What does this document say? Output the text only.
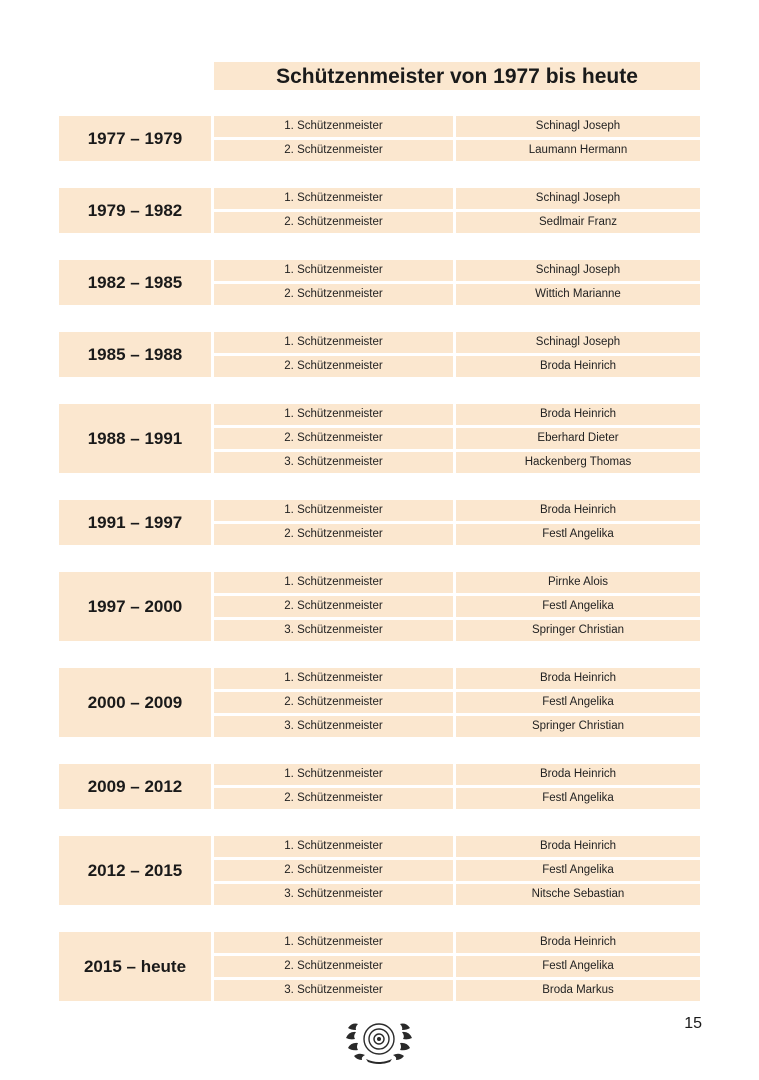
Schützenmeister von 1977 bis heute
1977 – 1979
1. Schützenmeister	Schinagl Joseph
2. Schützenmeister	Laumann Hermann
1979 – 1982
1. Schützenmeister	Schinagl Joseph
2. Schützenmeister	Sedlmair Franz
1982 – 1985
1. Schützenmeister	Schinagl Joseph
2. Schützenmeister	Wittich Marianne
1985 – 1988
1. Schützenmeister	Schinagl Joseph
2. Schützenmeister	Broda Heinrich
1988 – 1991
1. Schützenmeister	Broda Heinrich
2. Schützenmeister	Eberhard Dieter
3. Schützenmeister	Hackenberg Thomas
1991 – 1997
1. Schützenmeister	Broda Heinrich
2. Schützenmeister	Festl Angelika
1997 – 2000
1. Schützenmeister	Pirnke Alois
2. Schützenmeister	Festl Angelika
3. Schützenmeister	Springer Christian
2000 – 2009
1. Schützenmeister	Broda Heinrich
2. Schützenmeister	Festl Angelika
3. Schützenmeister	Springer Christian
2009 – 2012
1. Schützenmeister	Broda Heinrich
2. Schützenmeister	Festl Angelika
2012 – 2015
1. Schützenmeister	Broda Heinrich
2. Schützenmeister	Festl Angelika
3. Schützenmeister	Nitsche Sebastian
2015 – heute
1. Schützenmeister	Broda Heinrich
2. Schützenmeister	Festl Angelika
3. Schützenmeister	Broda Markus
15
